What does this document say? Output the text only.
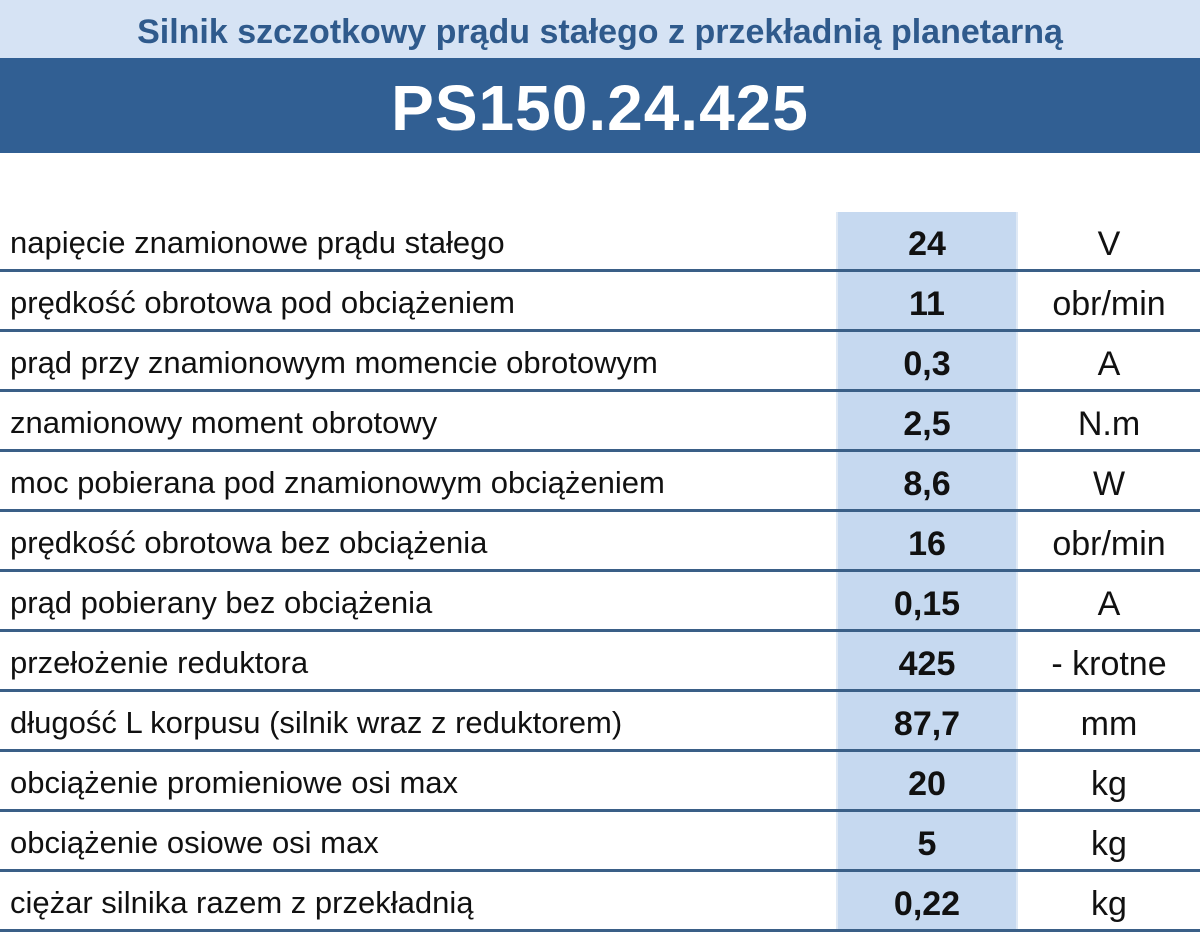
Silnik szczotkowy prądu stałego z przekładnią planetarną
PS150.24.425
napięcie znamionowe prądu stałego	24	V
prędkość obrotowa pod obciążeniem	11	obr/min
prąd przy znamionowym momencie obrotowym	0,3	A
znamionowy moment obrotowy	2,5	N.m
moc pobierana pod znamionowym obciążeniem	8,6	W
prędkość obrotowa bez obciążenia	16	obr/min
prąd pobierany bez obciążenia	0,15	A
przełożenie reduktora	425	- krotne
długość L korpusu (silnik wraz z reduktorem)	87,7	mm
obciążenie promieniowe osi max	20	kg
obciążenie osiowe osi max	5	kg
ciężar silnika razem z przekładnią	0,22	kg
